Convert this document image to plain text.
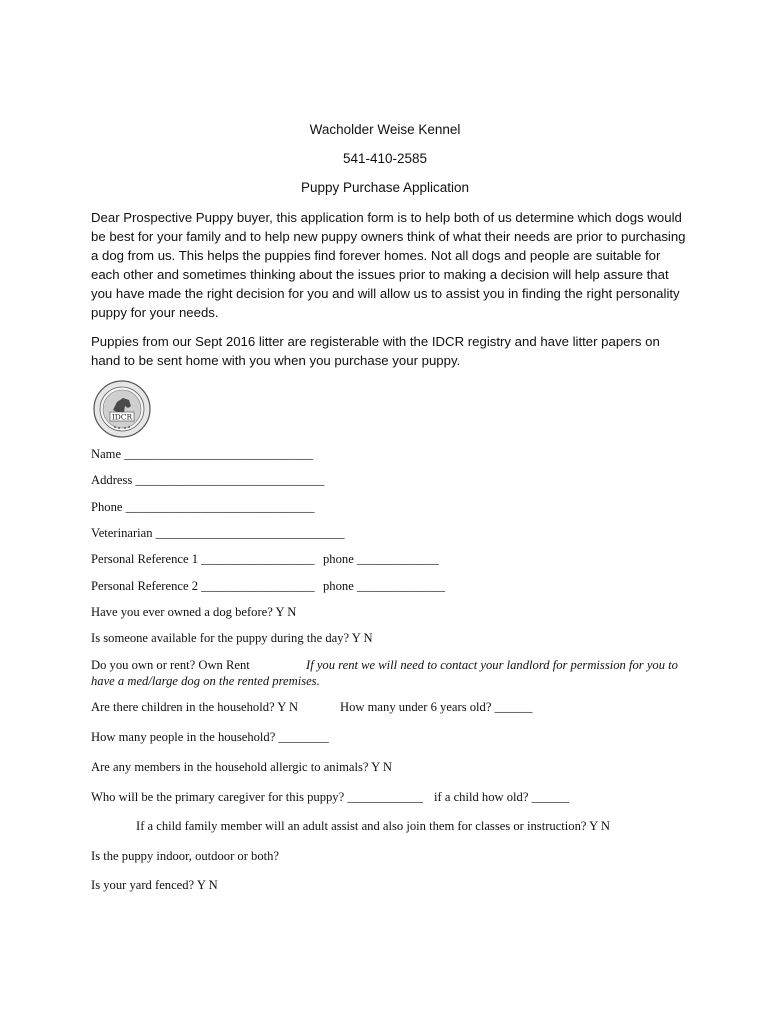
Wacholder Weise Kennel
541-410-2585
Puppy Purchase Application
Dear Prospective Puppy buyer, this application form is to help both of us determine which dogs would be best for your family and to help new puppy owners think of what their needs are prior to purchasing a dog from us. This helps the puppies find forever homes. Not all dogs and people are suitable for each other and sometimes thinking about the issues prior to making a decision will help assure that you have made the right decision for you and will allow us to assist you in finding the right personality puppy for your needs.
Puppies from our Sept 2016 litter are registerable with the IDCR registry and have litter papers on hand to be sent home with you when you purchase your puppy.
IDCR
Name ______________________________
Address ______________________________
Phone ______________________________
Veterinarian ______________________________
Personal Reference 1 __________________ phone _____________
Personal Reference 2 __________________ phone ______________
Have you ever owned a dog before? Y N
Is someone available for the puppy during the day? Y N
Do you own or rent? Own Rent	If you rent we will need to contact your landlord for permission for you to
have a med/large dog on the rented premises.
Are there children in the household? Y N	How many under 6 years old? ______
How many people in the household? ________
Are any members in the household allergic to animals? Y N
Who will be the primary caregiver for this puppy? ____________ if a child how old? ______
If a child family member will an adult assist and also join them for classes or instruction? Y N
Is the puppy indoor, outdoor or both?
Is your yard fenced? Y N
